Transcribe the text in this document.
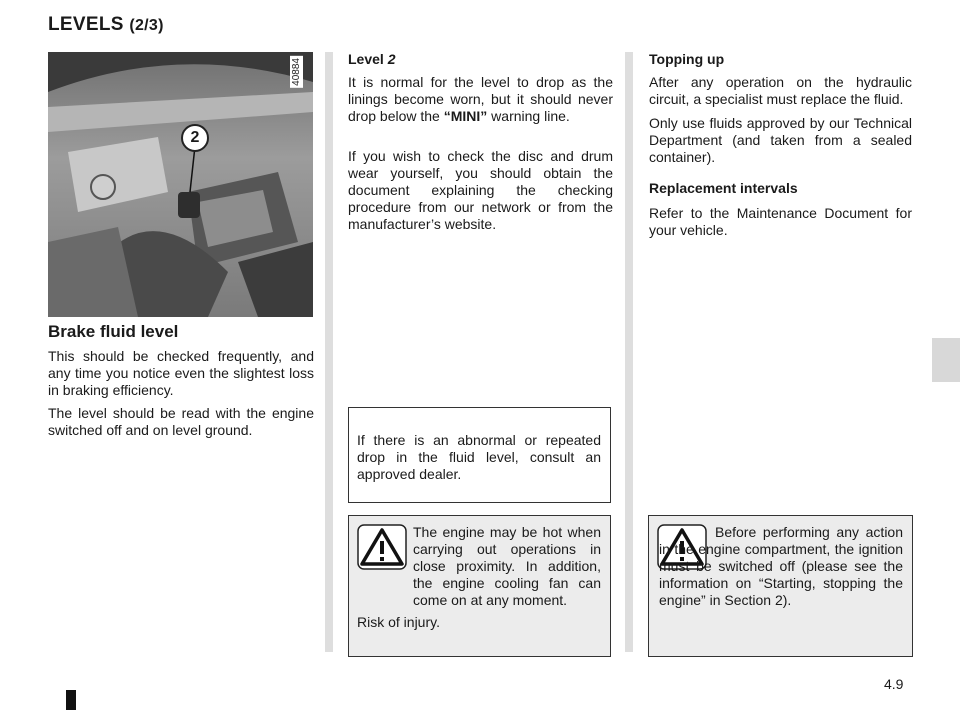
LEVELS (2/3)
40884
2
Brake fluid level

This should be checked frequently, and any time you notice even the slightest loss in braking efficiency.

The level should be read with the engine switched off and on level ground.

Level 2

It is normal for the level to drop as the linings become worn, but it should never drop below the “MINI” warning line.

If you wish to check the disc and drum wear yourself, you should obtain the document explaining the checking procedure from our network or from the manufacturer’s website.

If there is an abnormal or repeated drop in the fluid level, consult an approved dealer.

The engine may be hot when carrying out operations in close proximity. In addition, the engine cooling fan can come on at any moment.

Risk of injury.

Topping up

After any operation on the hydraulic circuit, a specialist must replace the fluid.

Only use fluids approved by our Technical Department (and taken from a sealed container).

Replacement intervals

Refer to the Maintenance Document for your vehicle.

Before performing any action in the engine compartment, the ignition must be switched off (please see the information on “Starting, stopping the engine” in Section 2).

4.9
